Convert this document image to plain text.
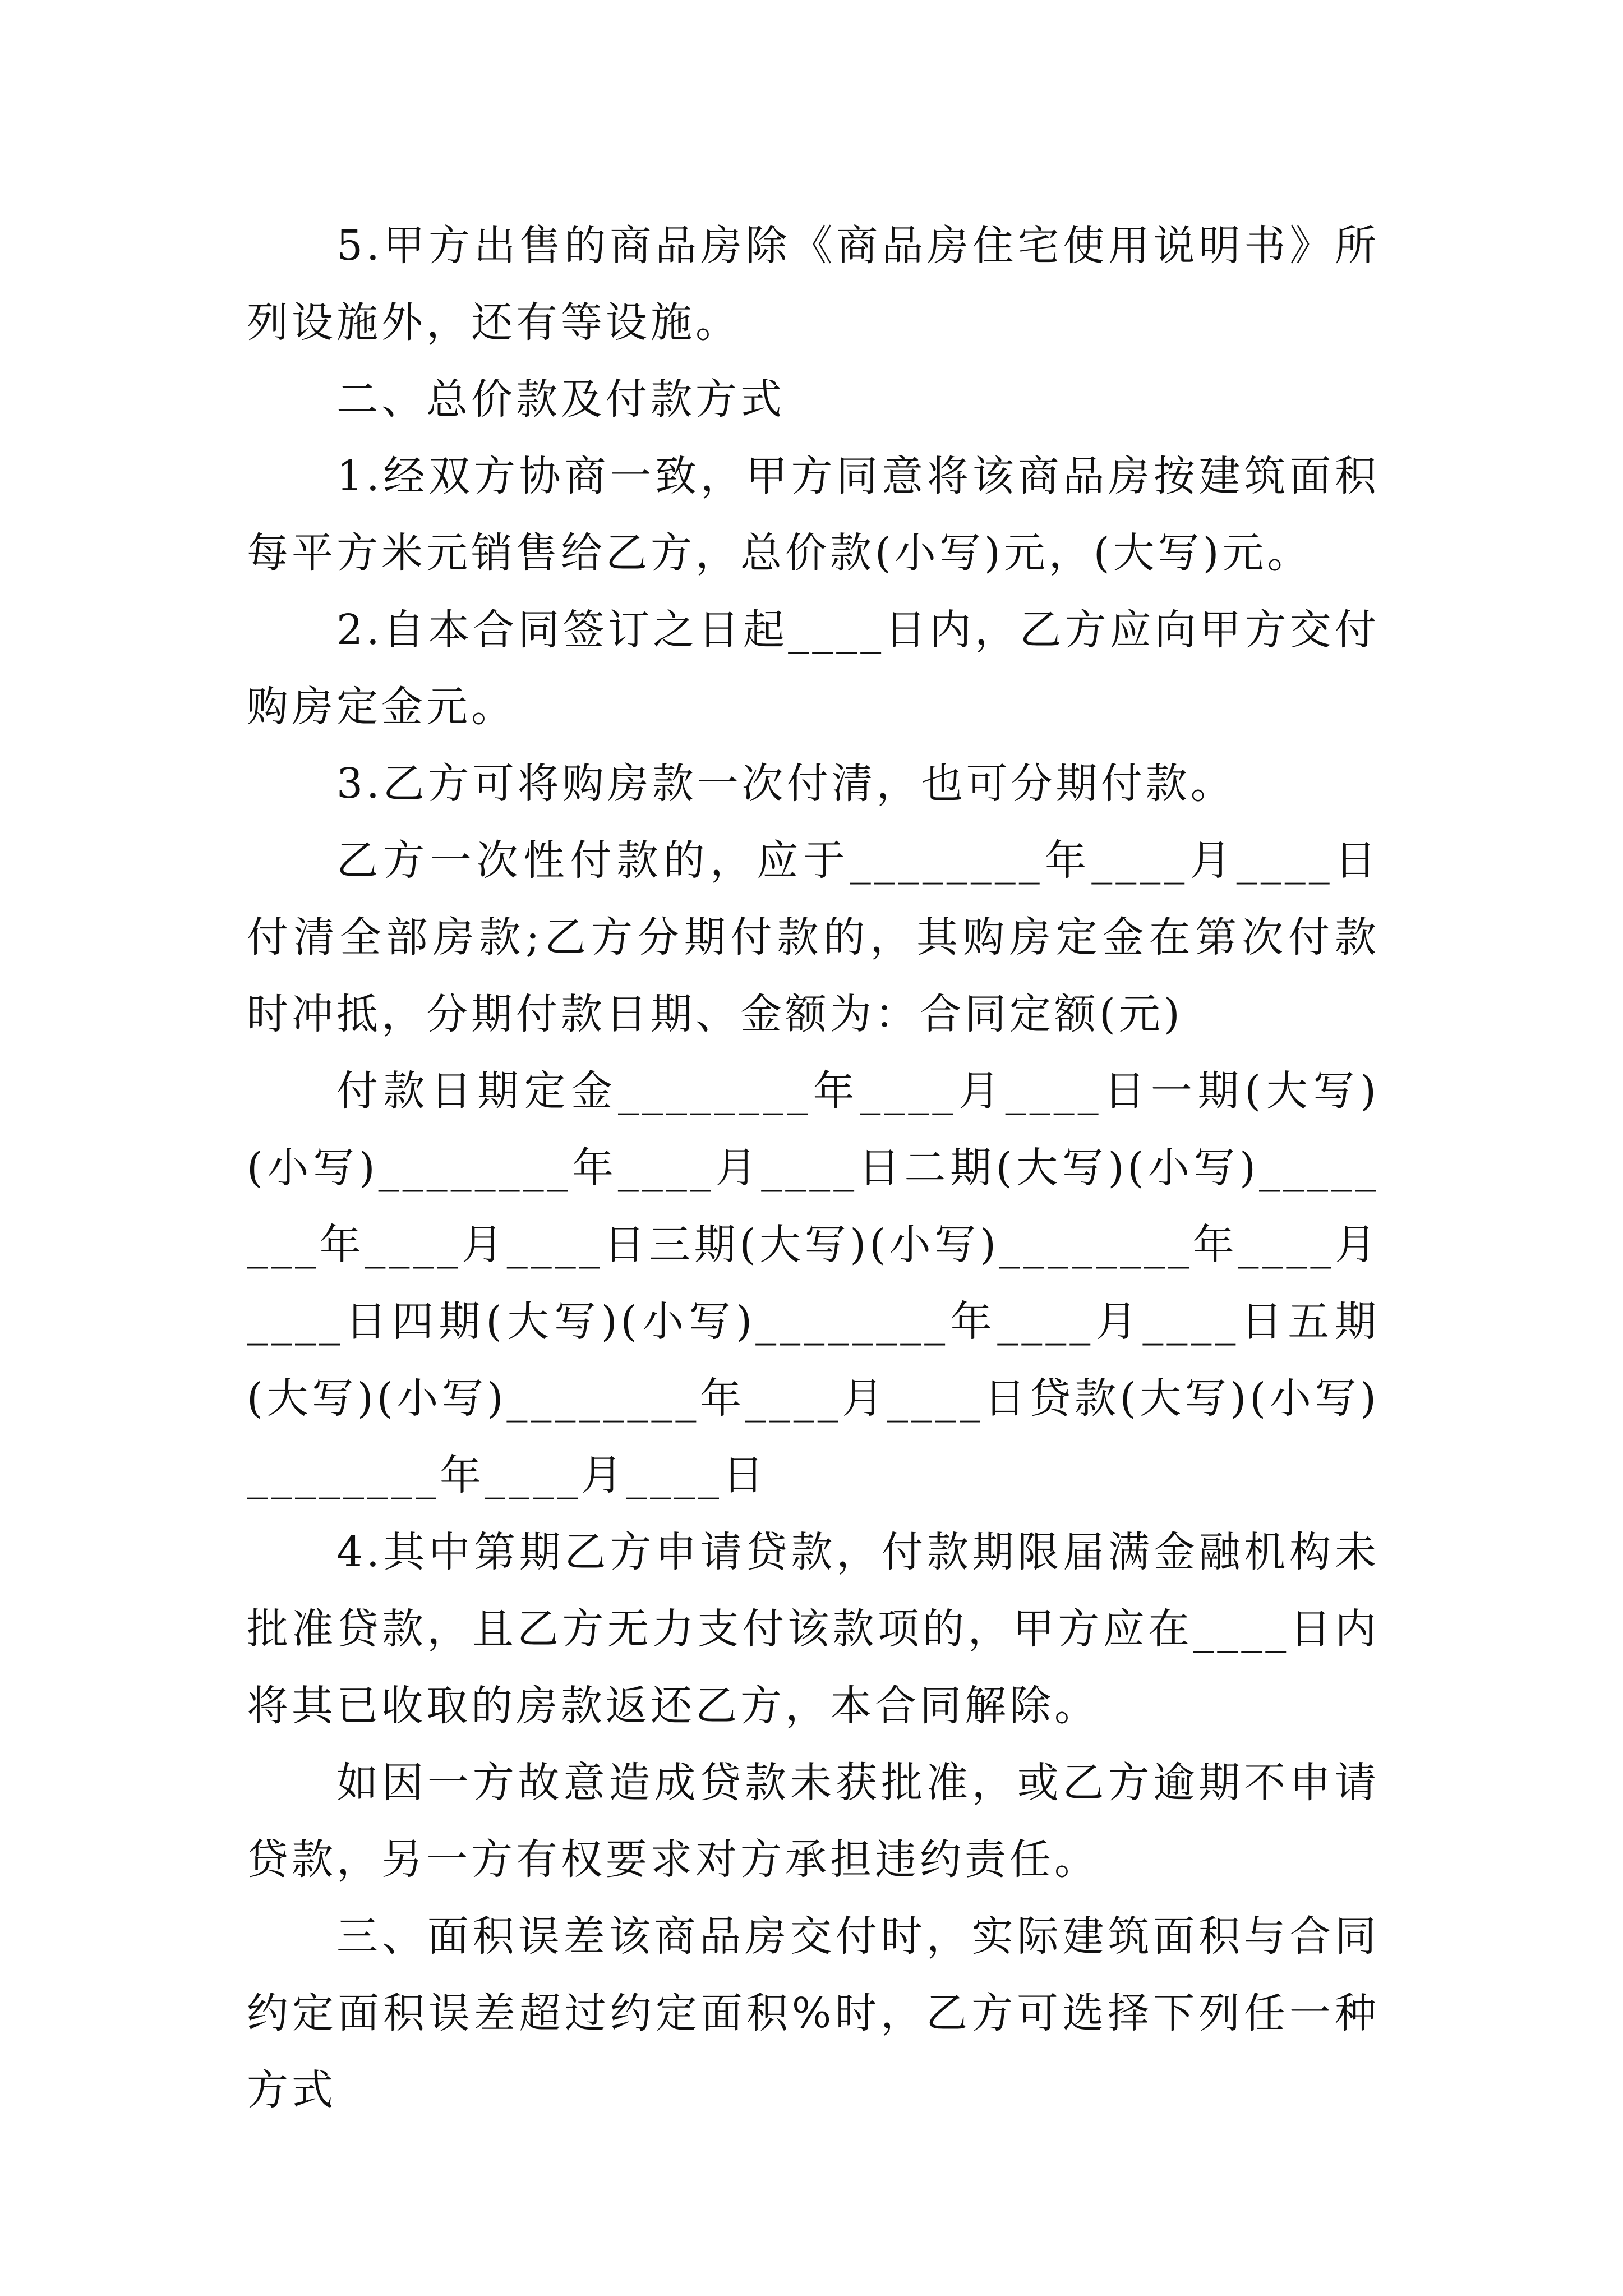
5.甲方出售的商品房除《商品房住宅使用说明书》所列设施外，还有等设施。

二、总价款及付款方式

1.经双方协商一致，甲方同意将该商品房按建筑面积每平方米元销售给乙方，总价款(小写)元，(大写)元。

2.自本合同签订之日起____日内，乙方应向甲方交付购房定金元。

3.乙方可将购房款一次付清，也可分期付款。

乙方一次性付款的，应于________年____月____日付清全部房款;乙方分期付款的，其购房定金在第次付款时冲抵，分期付款日期、金额为：合同定额(元)

付款日期定金________年____月____日一期(大写)(小写)________年____月____日二期(大写)(小写)________年____月____日三期(大写)(小写)________年____月____日四期(大写)(小写)________年____月____日五期(大写)(小写)________年____月____日贷款(大写)(小写)________年____月____日

4.其中第期乙方申请贷款，付款期限届满金融机构未批准贷款，且乙方无力支付该款项的，甲方应在____日内将其已收取的房款返还乙方，本合同解除。

如因一方故意造成贷款未获批准，或乙方逾期不申请贷款，另一方有权要求对方承担违约责任。

三、面积误差该商品房交付时，实际建筑面积与合同约定面积误差超过约定面积%时，乙方可选择下列任一种方式
